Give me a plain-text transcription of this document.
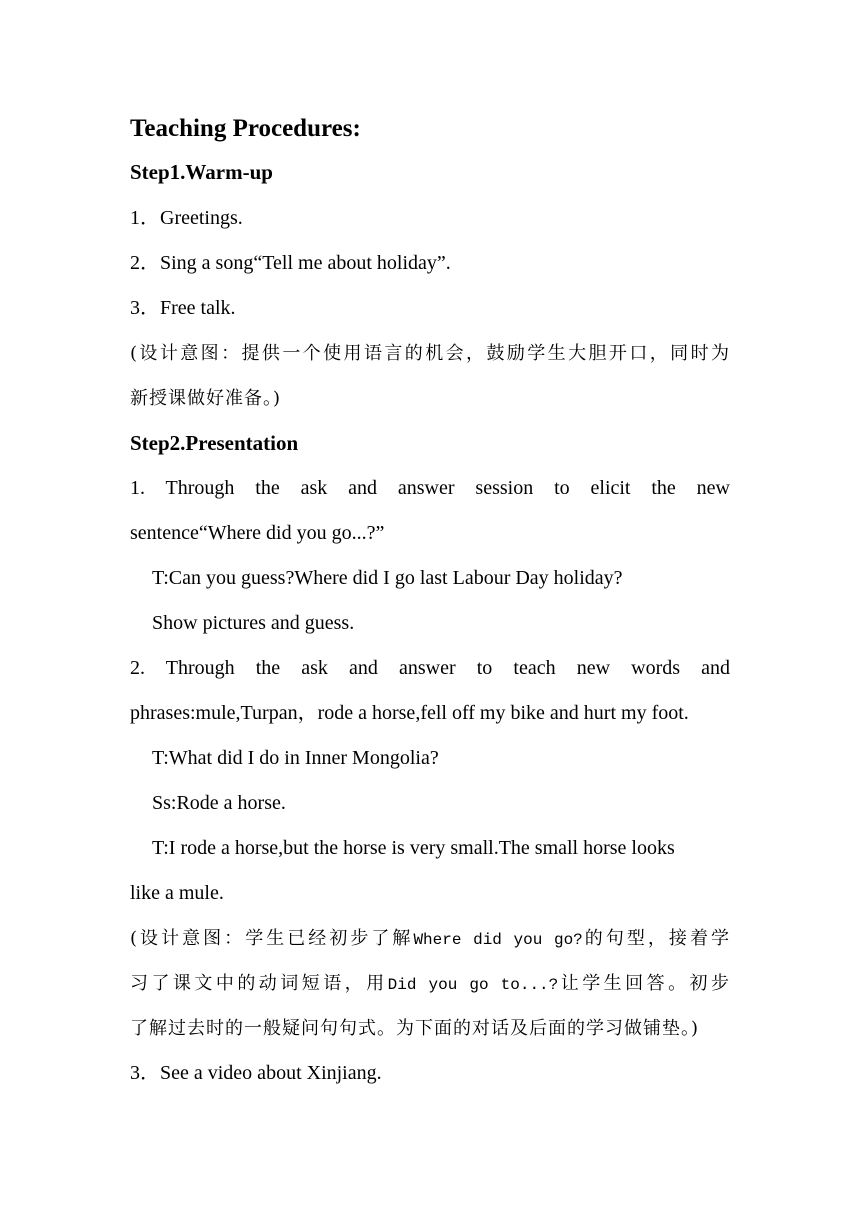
Teaching Procedures:
Step1.Warm-up
1．Greetings.
2．Sing a song“Tell me about holiday”.
3．Free talk.
(设计意图：提供一个使用语言的机会，鼓励学生大胆开口，同时为
新授课做好准备。)
Step2.Presentation
1. Through the ask and answer session to elicit the new
sentence“Where did you go...?”
T:Can you guess?Where did I go last Labour Day holiday?
Show pictures and guess.
2. Through the ask and answer to teach new words and
phrases:mule,Turpan，rode a horse,fell off my bike and hurt my foot.
T:What did I do in Inner Mongolia?
Ss:Rode a horse.
T:I rode a horse,but the horse is very small.The small horse looks
like a mule.
(设计意图：学生已经初步了解Where did you go?的句型，接着学
习了课文中的动词短语，用Did you go to...?让学生回答。初步
了解过去时的一般疑问句句式。为下面的对话及后面的学习做铺垫。)
3．See a video about Xinjiang.
